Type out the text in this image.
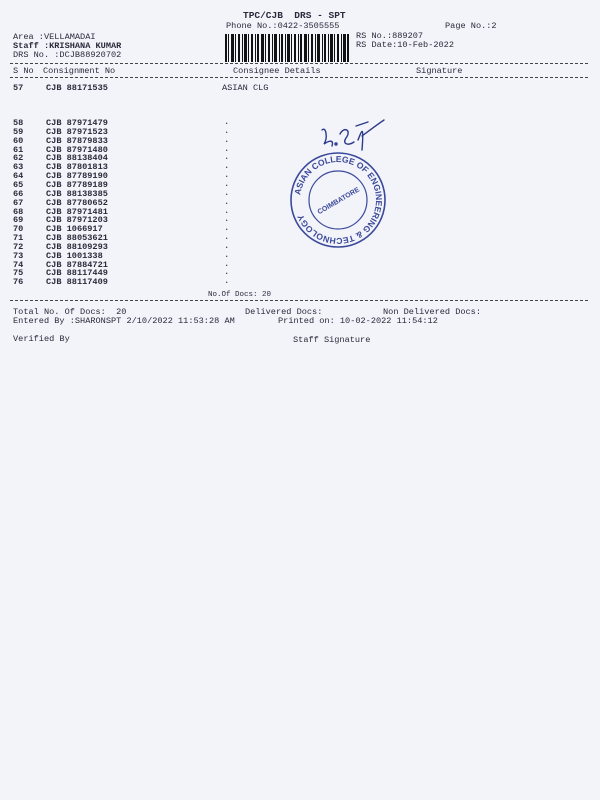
TPC/CJB  DRS - SPT
Phone No.:0422-3505555	Page No.:2
Area :VELLAMADAI
Staff :KRISHANA KUMAR
DRS No. :DCJB88920702
RS No.:889207
RS Date:10-Feb-2022
S No Consignment No	Consignee Details	Signature
57	CJB 88171535	ASIAN CLG
58	CJB 87971479	.
59	CJB 87971523	.
60	CJB 87879833	.
61	CJB 87971480	.
62	CJB 88138404	.
63	CJB 87801813	.
64	CJB 87789190	.
65	CJB 87789189	.
66	CJB 88138385	.
67	CJB 87780652	.
68	CJB 87971481	.
69	CJB 87971203	.
70	CJB 1066917	.
71	CJB 88053621	.
72	CJB 88109293	.
73	CJB 1001338	.
74	CJB 87884721	.
75	CJB 88117449	.
76	CJB 88117409	.
No.Of Docs: 20
Total No. Of Docs:  20	Delivered Docs:	Non Delivered Docs:
Entered By :SHARONSPT 2/10/2022 11:53:28 AM	Printed on: 10-02-2022 11:54:12
Verified By	Staff Signature
ASIAN COLLEGE OF ENGINEERING & TECHNOLOGY
COIMBATORE
